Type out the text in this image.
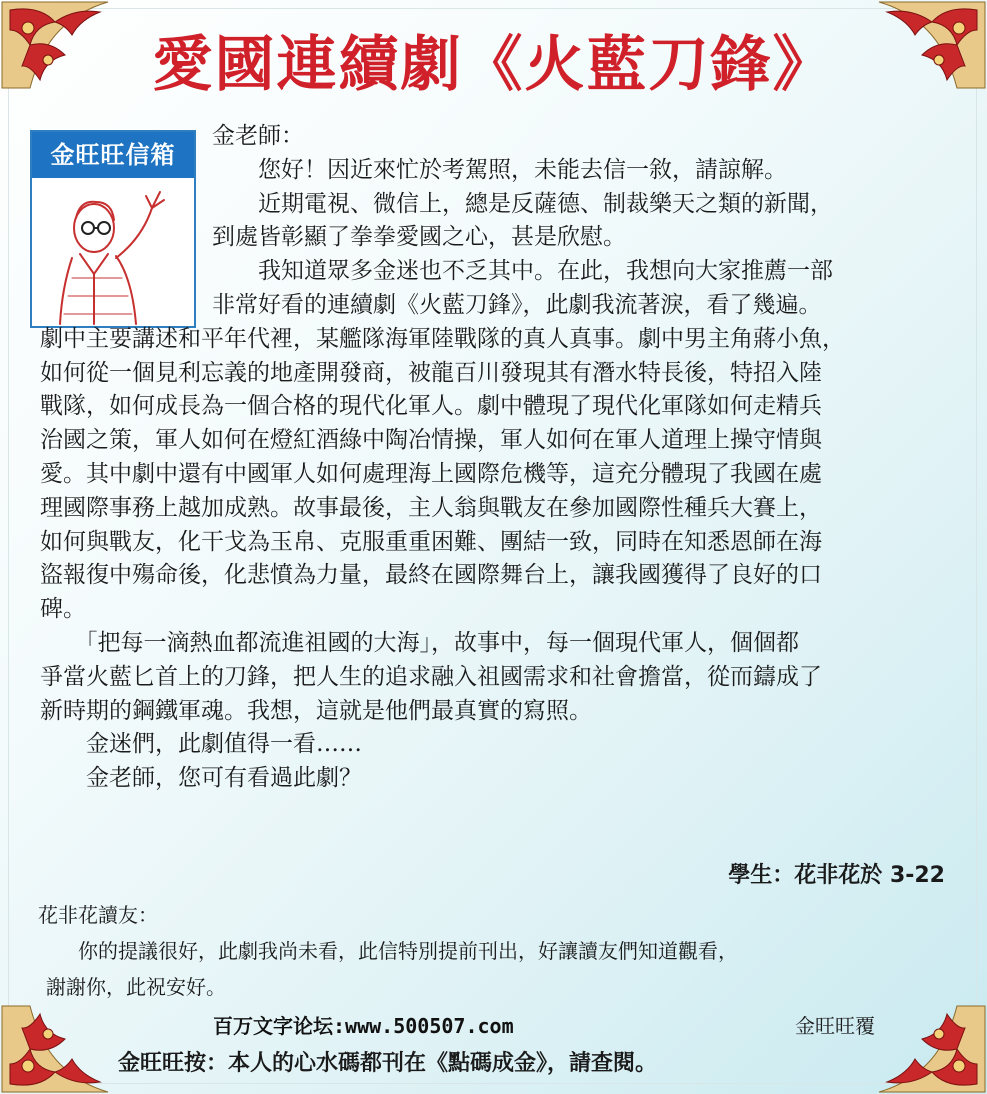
愛國連續劇《火藍刀鋒》
金旺旺信箱
金老師：
　　您好！因近來忙於考駕照，未能去信一敘，請諒解。
　　近期電視、微信上，總是反薩德、制裁樂天之類的新聞，
到處皆彰顯了拳拳愛國之心，甚是欣慰。
　　我知道眾多金迷也不乏其中。在此，我想向大家推薦一部
非常好看的連續劇《火藍刀鋒》，此劇我流著淚，看了幾遍。
劇中主要講述和平年代裡，某艦隊海軍陸戰隊的真人真事。劇中男主角蔣小魚，
如何從一個見利忘義的地產開發商，被龍百川發現其有潛水特長後，特招入陸
戰隊，如何成長為一個合格的現代化軍人。劇中體現了現代化軍隊如何走精兵
治國之策，軍人如何在燈紅酒綠中陶冶情操，軍人如何在軍人道理上操守情與
愛。其中劇中還有中國軍人如何處理海上國際危機等，這充分體現了我國在處
理國際事務上越加成熟。故事最後，主人翁與戰友在參加國際性種兵大賽上，
如何與戰友，化干戈為玉帛、克服重重困難、團結一致，同時在知悉恩師在海
盜報復中殤命後，化悲憤為力量，最終在國際舞台上，讓我國獲得了良好的口
碑。
　　「把每一滴熱血都流進祖國的大海」，故事中，每一個現代軍人，個個都
爭當火藍匕首上的刀鋒，把人生的追求融入祖國需求和社會擔當，從而鑄成了
新時期的鋼鐵軍魂。我想，這就是他們最真實的寫照。
　　金迷們，此劇值得一看……
　　金老師，您可有看過此劇？
學生：花非花於 3-22
花非花讀友：
　　你的提議很好，此劇我尚未看，此信特別提前刊出，好讓讀友們知道觀看，
謝謝你，此祝安好。
百万文字论坛:www.500507.com	金旺旺覆
金旺旺按：本人的心水碼都刊在《點碼成金》，請查閱。
